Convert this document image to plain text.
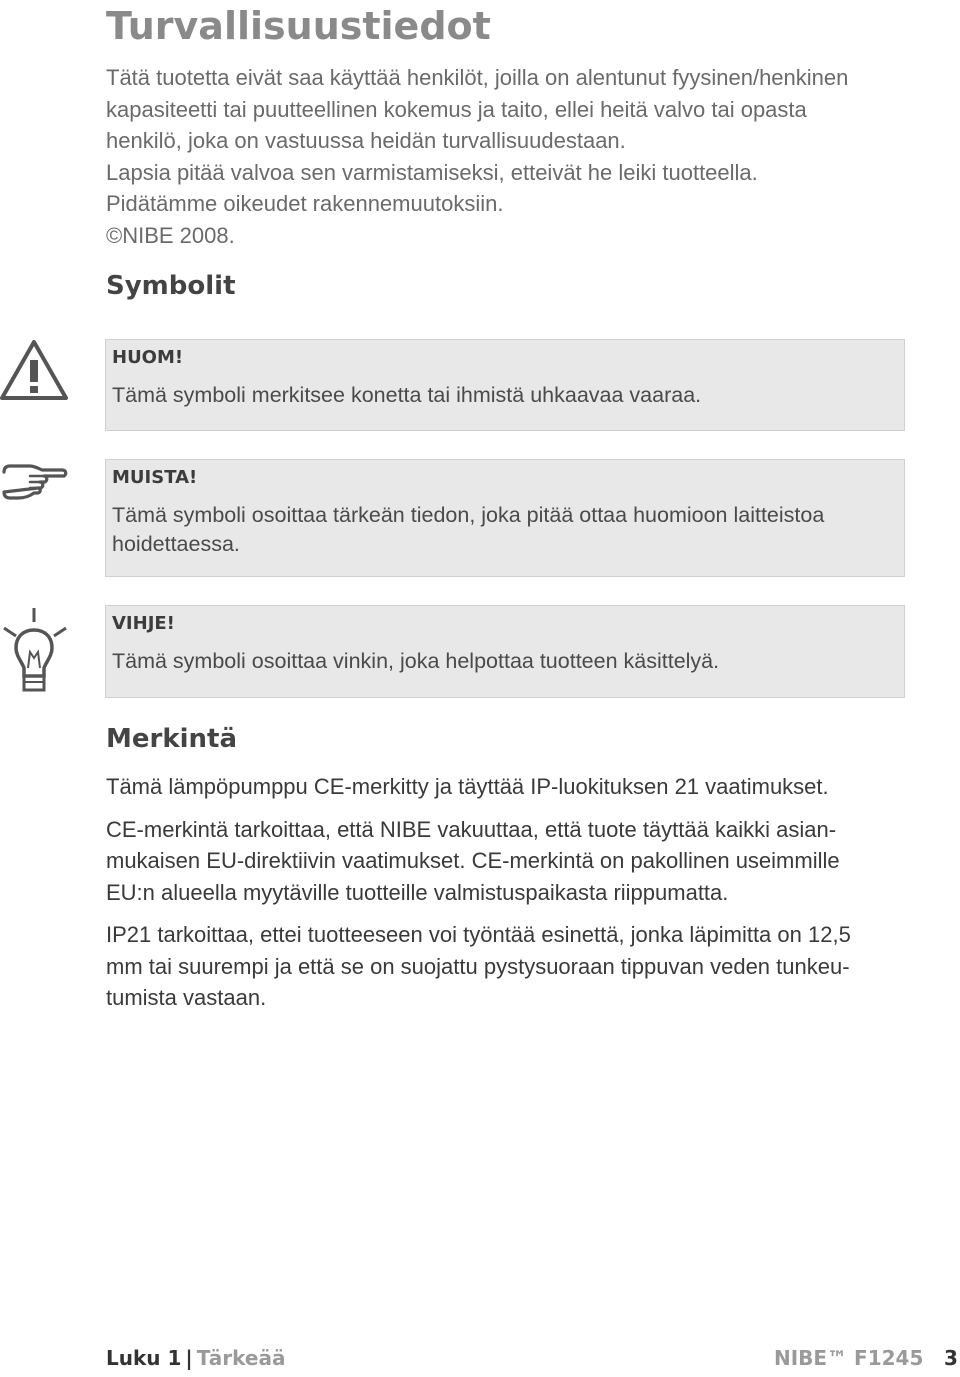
Turvallisuustiedot

Tätä tuotetta eivät saa käyttää henkilöt, joilla on alentunut fyysinen/henkinen

kapasiteetti tai puutteellinen kokemus ja taito, ellei heitä valvo tai opasta

henkilö, joka on vastuussa heidän turvallisuudestaan.

Lapsia pitää valvoa sen varmistamiseksi, etteivät he leiki tuotteella.

Pidätämme oikeudet rakennemuutoksiin.

©NIBE 2008.

Symbolit

HUOM!

Tämä symboli merkitsee konetta tai ihmistä uhkaavaa vaaraa.

MUISTA!

Tämä symboli osoittaa tärkeän tiedon, joka pitää ottaa huomioon laitteistoa

hoidettaessa.

VIHJE!

Tämä symboli osoittaa vinkin, joka helpottaa tuotteen käsittelyä.

Merkintä

Tämä lämpöpumppu CE-merkitty ja täyttää IP-luokituksen 21 vaatimukset.

CE-merkintä tarkoittaa, että NIBE vakuuttaa, että tuote täyttää kaikki asian-
mukaisen EU-direktiivin vaatimukset. CE-merkintä on pakollinen useimmille
EU:n alueella myytäville tuotteille valmistuspaikasta riippumatta.

IP21 tarkoittaa, ettei tuotteeseen voi työntää esinettä, jonka läpimitta on 12,5
mm tai suurempi ja että se on suojattu pystysuoraan tippuvan veden tunkeu-
tumista vastaan.

Luku 1 | Tärkeää	NIBE™ F1245 3
